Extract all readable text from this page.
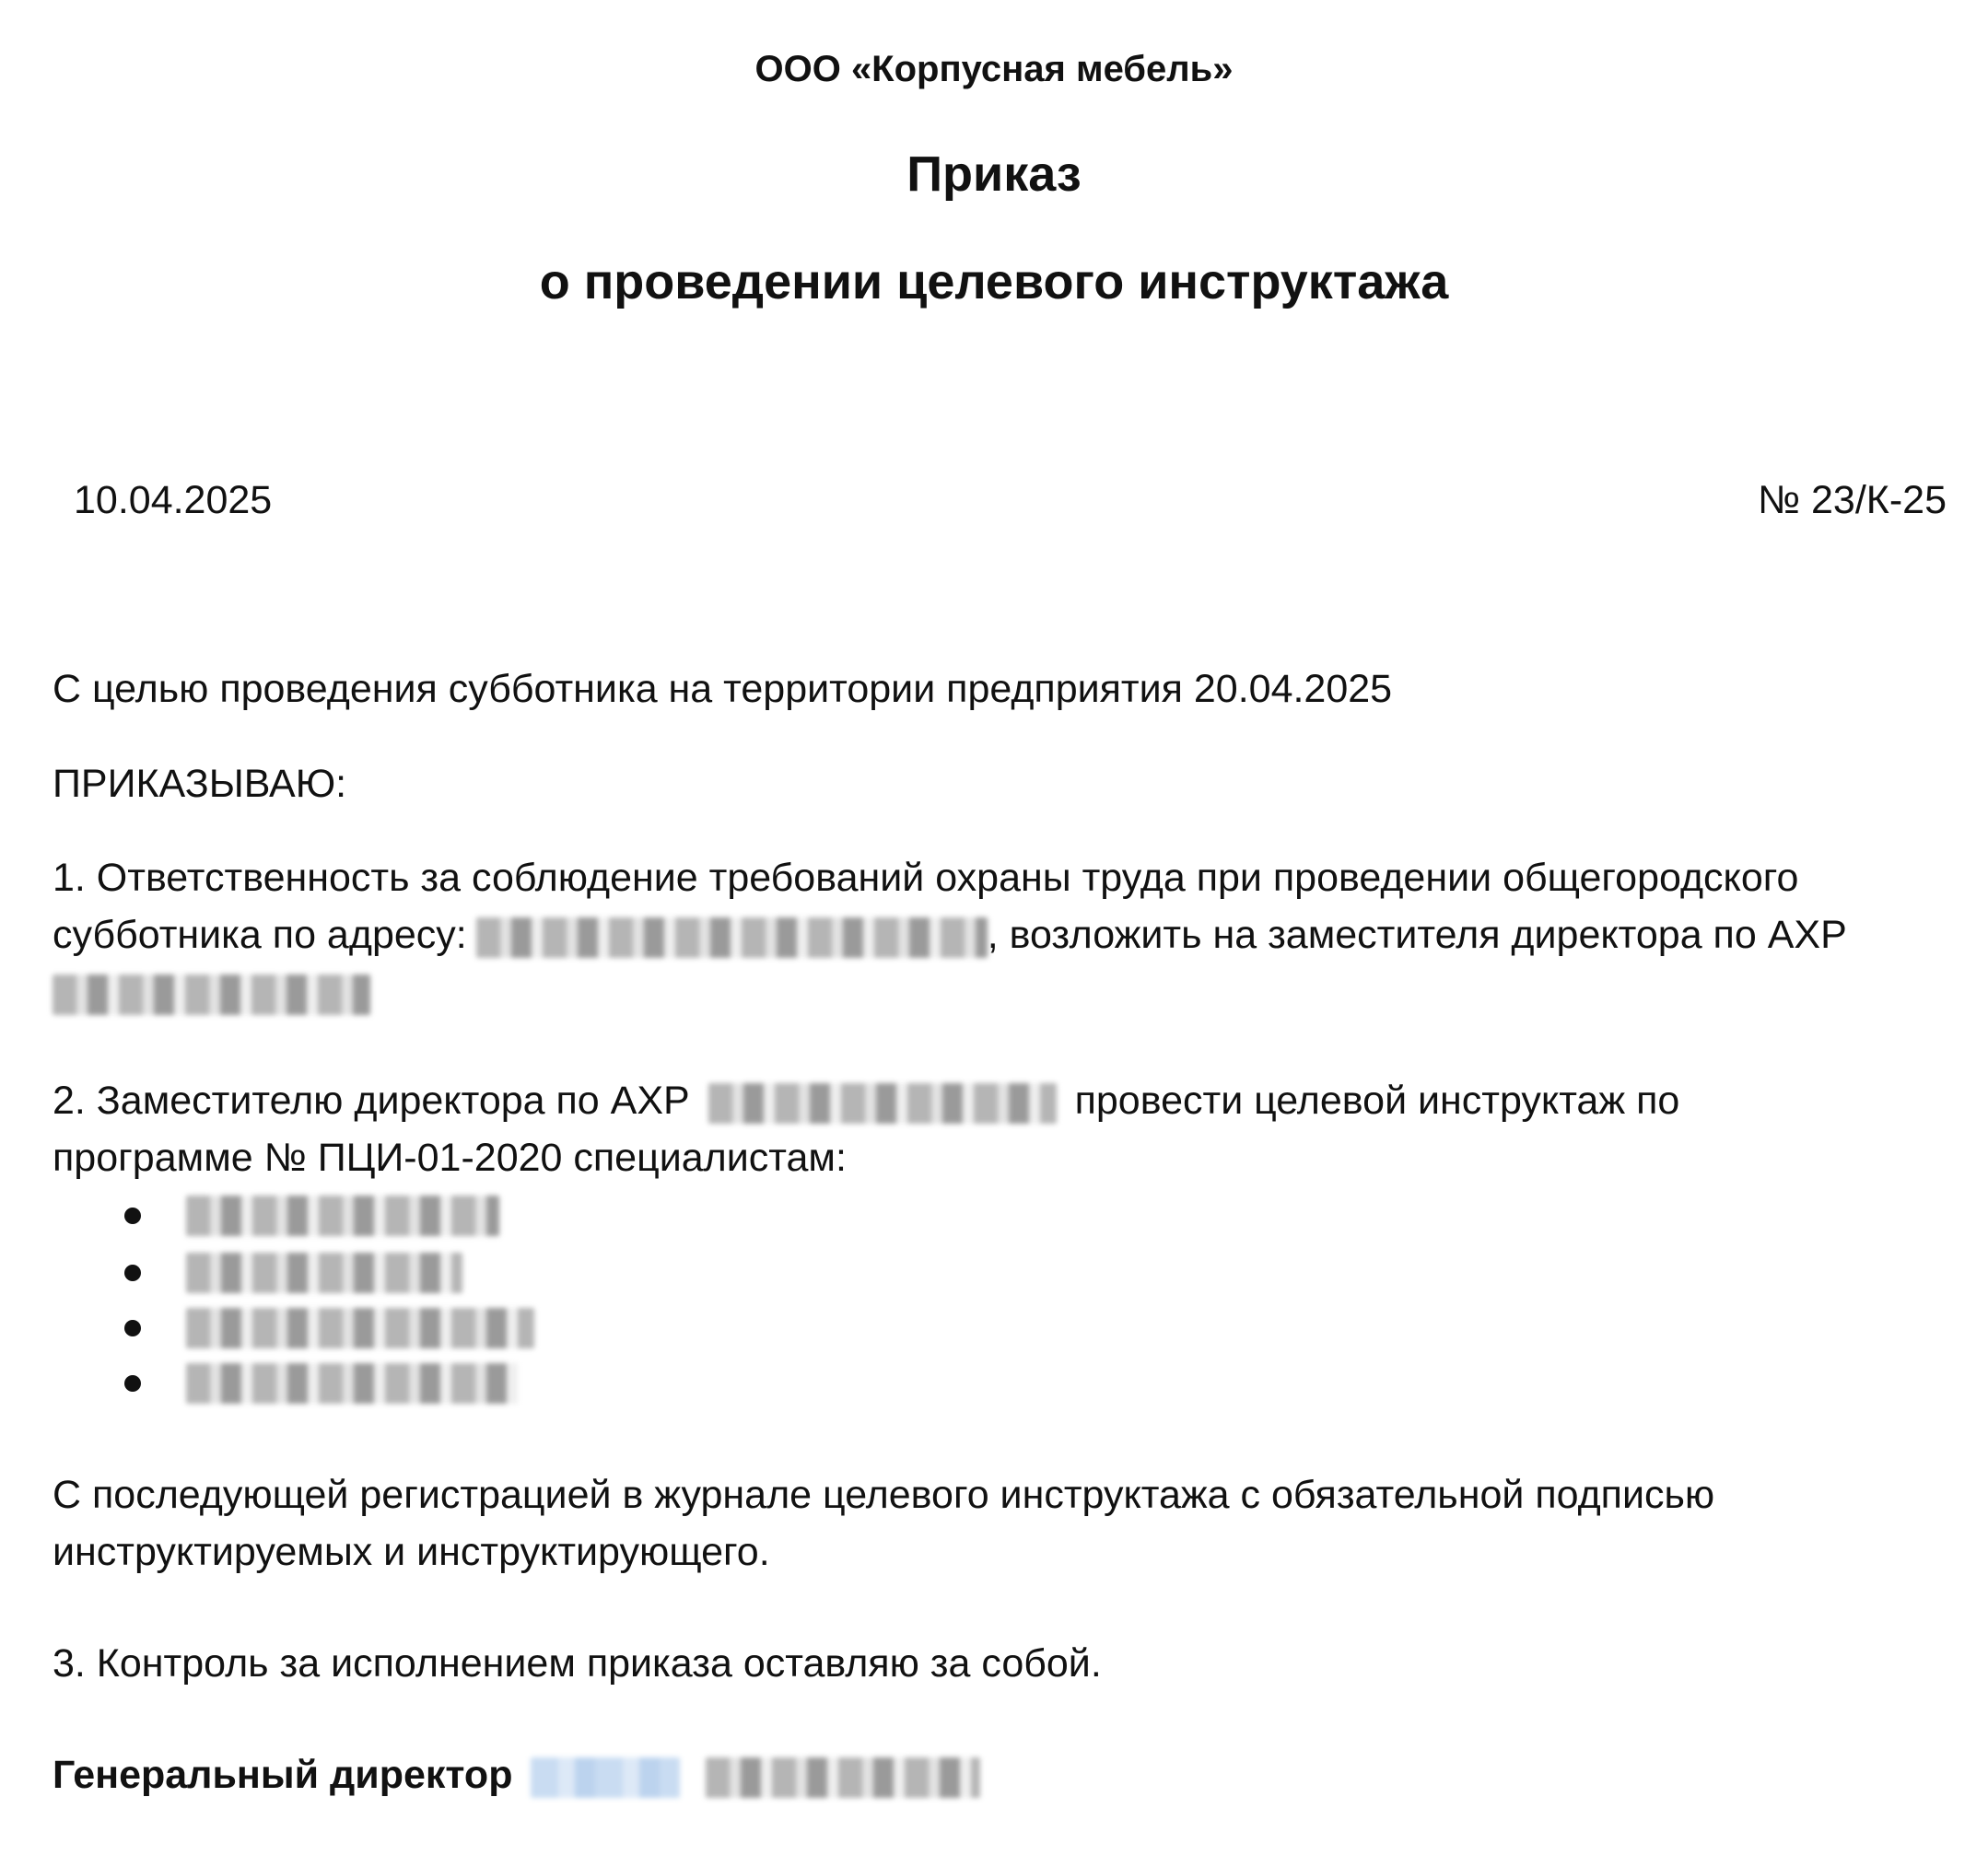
ООО «Корпусная мебель»
Приказ
о проведении целевого инструктажа
10.04.2025	№ 23/К-25
С целью проведения субботника на территории предприятия 20.04.2025
ПРИКАЗЫВАЮ:
1. Ответственность за соблюдение требований охраны труда при проведении общегородского
субботника по адресу:	, возложить на заместителя директора по АХР
2. Заместителю директора по АХР	провести целевой инструктаж по
программе № ПЦИ-01-2020 специалистам:
С последующей регистрацией в журнале целевого инструктажа с обязательной подписью
инструктируемых и инструктирующего.
3. Контроль за исполнением приказа оставляю за собой.
Генеральный директор
